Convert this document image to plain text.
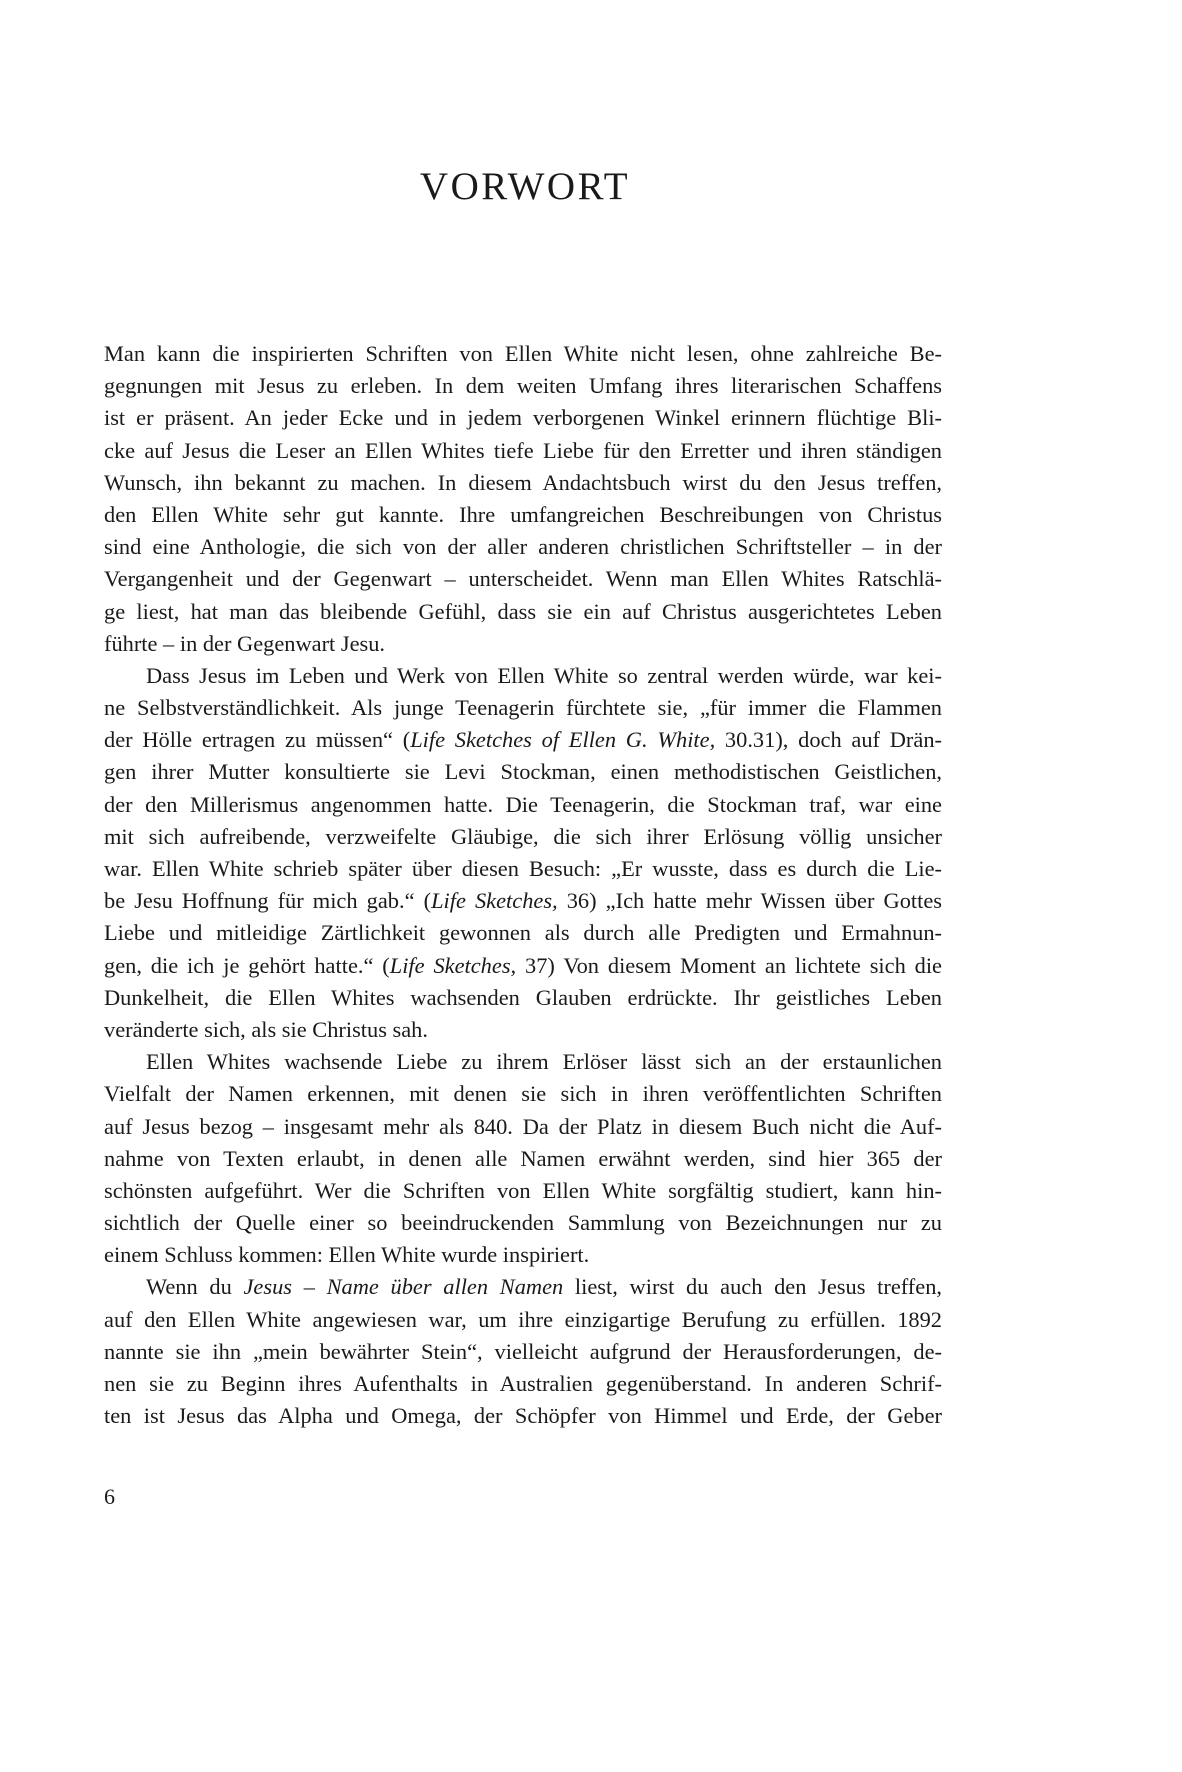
VORWORT
Man kann die inspirierten Schriften von Ellen White nicht lesen, ohne zahlreiche Be-
gegnungen mit Jesus zu erleben. In dem weiten Umfang ihres literarischen Schaffens
ist er präsent. An jeder Ecke und in jedem verborgenen Winkel erinnern flüchtige Bli-
cke auf Jesus die Leser an Ellen Whites tiefe Liebe für den Erretter und ihren ständigen
Wunsch, ihn bekannt zu machen. In diesem Andachtsbuch wirst du den Jesus treffen,
den Ellen White sehr gut kannte. Ihre umfangreichen Beschreibungen von Christus
sind eine Anthologie, die sich von der aller anderen christlichen Schriftsteller – in der
Vergangenheit und der Gegenwart – unterscheidet. Wenn man Ellen Whites Ratschlä-
ge liest, hat man das bleibende Gefühl, dass sie ein auf Christus ausgerichtetes Leben
führte – in der Gegenwart Jesu.
Dass Jesus im Leben und Werk von Ellen White so zentral werden würde, war kei-
ne Selbstverständlichkeit. Als junge Teenagerin fürchtete sie, „für immer die Flammen
der Hölle ertragen zu müssen“ (Life Sketches of Ellen G. White, 30.31), doch auf Drän-
gen ihrer Mutter konsultierte sie Levi Stockman, einen methodistischen Geistlichen,
der den Millerismus angenommen hatte. Die Teenagerin, die Stockman traf, war eine
mit sich aufreibende, verzweifelte Gläubige, die sich ihrer Erlösung völlig unsicher
war. Ellen White schrieb später über diesen Besuch: „Er wusste, dass es durch die Lie-
be Jesu Hoffnung für mich gab.“ (Life Sketches, 36) „Ich hatte mehr Wissen über Gottes
Liebe und mitleidige Zärtlichkeit gewonnen als durch alle Predigten und Ermahnun-
gen, die ich je gehört hatte.“ (Life Sketches, 37) Von diesem Moment an lichtete sich die
Dunkelheit, die Ellen Whites wachsenden Glauben erdrückte. Ihr geistliches Leben
veränderte sich, als sie Christus sah.
Ellen Whites wachsende Liebe zu ihrem Erlöser lässt sich an der erstaunlichen
Vielfalt der Namen erkennen, mit denen sie sich in ihren veröffentlichten Schriften
auf Jesus bezog – insgesamt mehr als 840. Da der Platz in diesem Buch nicht die Auf-
nahme von Texten erlaubt, in denen alle Namen erwähnt werden, sind hier 365 der
schönsten aufgeführt. Wer die Schriften von Ellen White sorgfältig studiert, kann hin-
sichtlich der Quelle einer so beeindruckenden Sammlung von Bezeichnungen nur zu
einem Schluss kommen: Ellen White wurde inspiriert.
Wenn du Jesus – Name über allen Namen liest, wirst du auch den Jesus treffen,
auf den Ellen White angewiesen war, um ihre einzigartige Berufung zu erfüllen. 1892
nannte sie ihn „mein bewährter Stein“, vielleicht aufgrund der Herausforderungen, de-
nen sie zu Beginn ihres Aufenthalts in Australien gegenüberstand. In anderen Schrif-
ten ist Jesus das Alpha und Omega, der Schöpfer von Himmel und Erde, der Geber
6
